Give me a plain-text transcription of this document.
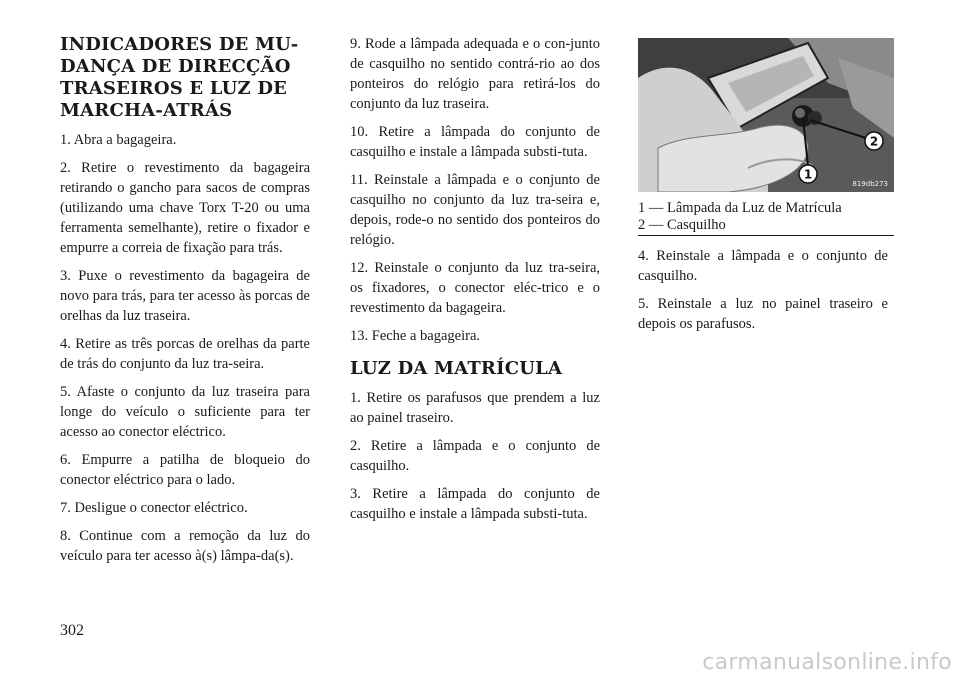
INDICADORES DE MU-
DANÇA DE DIRECÇÃO
TRASEIROS E LUZ DE
MARCHA-ATRÁS

1. Abra a bagageira.

2. Retire o revestimento da bagageira retirando o gancho para sacos de compras (utilizando uma chave Torx T-20 ou uma ferramenta semelhante), retire o fixador e empurre a correia de fixação para trás.

3. Puxe o revestimento da bagageira de novo para trás, para ter acesso às porcas de orelhas da luz traseira.

4. Retire as três porcas de orelhas da parte de trás do conjunto da luz tra-seira.

5. Afaste o conjunto da luz traseira para longe do veículo o suficiente para ter acesso ao conector eléctrico.

6. Empurre a patilha de bloqueio do conector eléctrico para o lado.

7. Desligue o conector eléctrico.

8. Continue com a remoção da luz do veículo para ter acesso à(s) lâmpa-da(s).

9. Rode a lâmpada adequada e o con-junto de casquilho no sentido contrá-rio ao dos ponteiros do relógio para retirá-los do conjunto da luz traseira.

10. Retire a lâmpada do conjunto de casquilho e instale a lâmpada substi-tuta.

11. Reinstale a lâmpada e o conjunto de casquilho no conjunto da luz tra-seira e, depois, rode-o no sentido dos ponteiros do relógio.

12. Reinstale o conjunto da luz tra-seira, os fixadores, o conector eléc-trico e o revestimento da bagageira.

13. Feche a bagageira.

LUZ DA MATRÍCULA

1. Retire os parafusos que prendem a luz ao painel traseiro.

2. Retire a lâmpada e o conjunto de casquilho.

3. Retire a lâmpada do conjunto de casquilho e instale a lâmpada substi-tuta.

1
2
819db273
1 — Lâmpada da Luz de Matrícula
2 — Casquilho

4. Reinstale a lâmpada e o conjunto de casquilho.

5. Reinstale a luz no painel traseiro e depois os parafusos.

302
carmanualsonline.info
